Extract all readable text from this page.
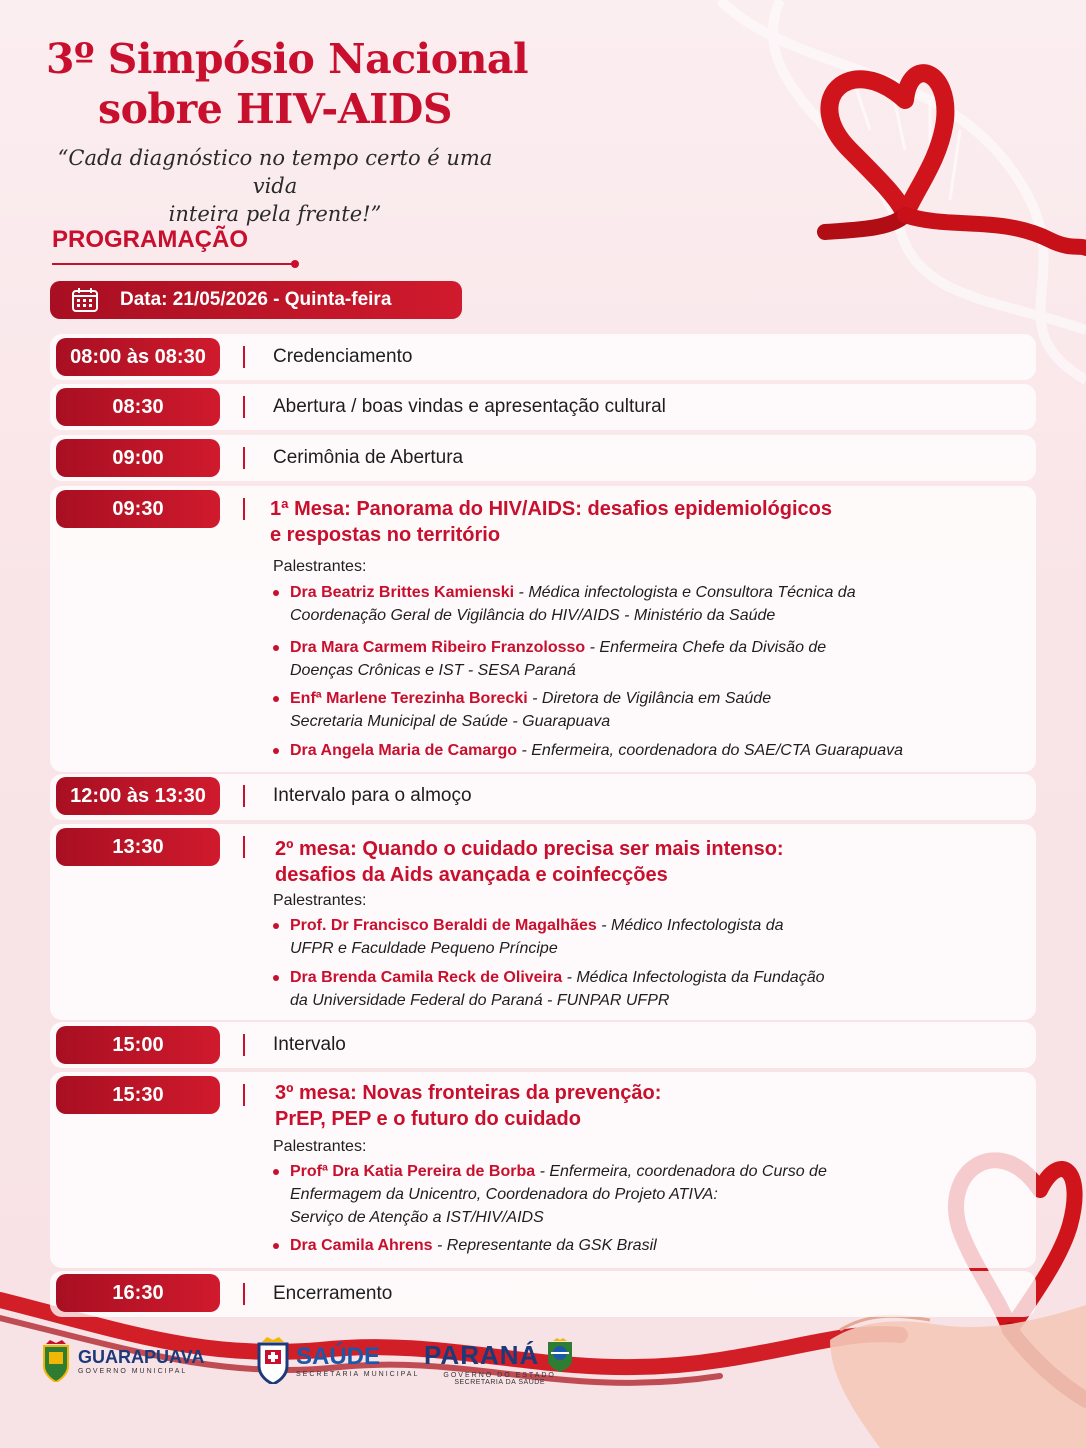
3º Simpósio Nacional
sobre HIV-AIDS
“Cada diagnóstico no tempo certo é uma vida
inteira pela frente!”
PROGRAMAÇÃO
Data: 21/05/2026 - Quinta-feira
08:00 às 08:30	Credenciamento
08:30	Abertura / boas vindas e apresentação cultural
09:00	Cerimônia de Abertura
09:30	1ª Mesa: Panorama do HIV/AIDS: desafios epidemiológicos
e respostas no território
Palestrantes:
Dra Beatriz Brittes Kamienski - Médica infectologista e Consultora Técnica da
Coordenação Geral de Vigilância do HIV/AIDS - Ministério da Saúde
Dra Mara Carmem Ribeiro Franzolosso - Enfermeira Chefe da Divisão de
Doenças Crônicas e IST - SESA Paraná
Enfª Marlene Terezinha Borecki - Diretora de Vigilância em Saúde
Secretaria Municipal de Saúde - Guarapuava
Dra Angela Maria de Camargo - Enfermeira, coordenadora do SAE/CTA Guarapuava
12:00 às 13:30	Intervalo para o almoço
13:30	2º mesa: Quando o cuidado precisa ser mais intenso:
desafios da Aids avançada e coinfecções
Palestrantes:
Prof. Dr Francisco Beraldi de Magalhães - Médico Infectologista da
UFPR e Faculdade Pequeno Príncipe
Dra Brenda Camila Reck de Oliveira - Médica Infectologista da Fundação
da Universidade Federal do Paraná - FUNPAR UFPR
15:00	Intervalo
15:30	3º mesa: Novas fronteiras da prevenção:
PrEP, PEP e o futuro do cuidado
Palestrantes:
Profª Dra Katia Pereira de Borba - Enfermeira, coordenadora do Curso de
Enfermagem da Unicentro, Coordenadora do Projeto ATIVA:
Serviço de Atenção a IST/HIV/AIDS
Dra Camila Ahrens - Representante da GSK Brasil
16:30	Encerramento
GUARAPUAVA
GOVERNO MUNICIPAL
SAÚDE
SECRETARIA MUNICIPAL
PARANÁ
GOVERNO DO ESTADO
SECRETARIA DA SAÚDE
